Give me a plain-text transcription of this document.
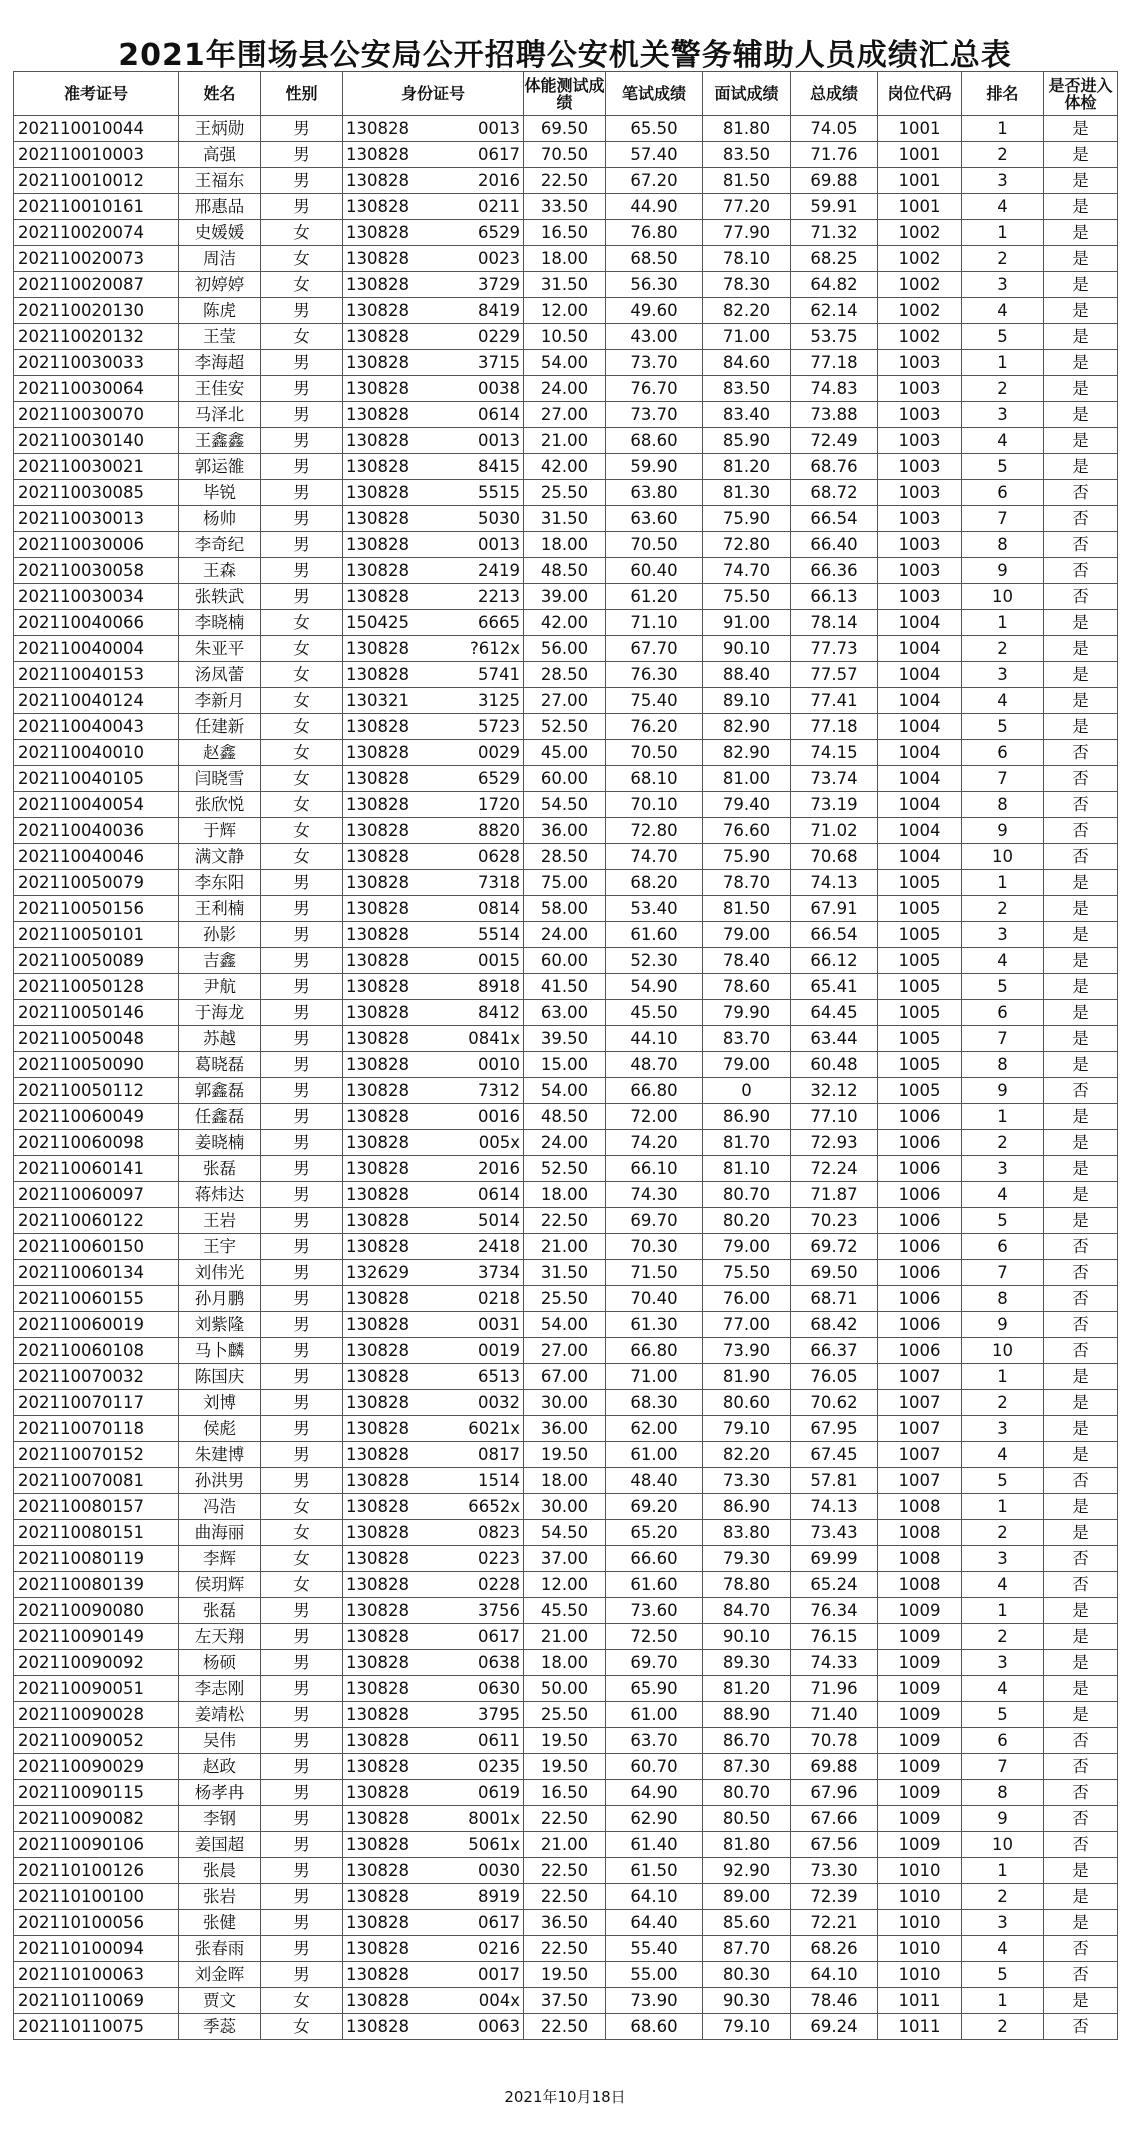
2021年围场县公安局公开招聘公安机关警务辅助人员成绩汇总表
准考证号	姓名	性别	身份证号	体能测试成绩	笔试成绩	面试成绩	总成绩	岗位代码	排名	是否进入体检
202110010044	王炳勋	男	130828 0013	69.50	65.50	81.80	74.05	1001	1	是
202110010003	高强	男	130828 0617	70.50	57.40	83.50	71.76	1001	2	是
202110010012	王福东	男	130828 2016	22.50	67.20	81.50	69.88	1001	3	是
202110010161	邢惠品	男	130828 0211	33.50	44.90	77.20	59.91	1001	4	是
202110020074	史媛媛	女	130828 6529	16.50	76.80	77.90	71.32	1002	1	是
202110020073	周洁	女	130828 0023	18.00	68.50	78.10	68.25	1002	2	是
202110020087	初婷婷	女	130828 3729	31.50	56.30	78.30	64.82	1002	3	是
202110020130	陈虎	男	130828 8419	12.00	49.60	82.20	62.14	1002	4	是
202110020132	王莹	女	130828 0229	10.50	43.00	71.00	53.75	1002	5	是
202110030033	李海超	男	130828 3715	54.00	73.70	84.60	77.18	1003	1	是
202110030064	王佳安	男	130828 0038	24.00	76.70	83.50	74.83	1003	2	是
202110030070	马泽北	男	130828 0614	27.00	73.70	83.40	73.88	1003	3	是
202110030140	王鑫鑫	男	130828 0013	21.00	68.60	85.90	72.49	1003	4	是
202110030021	郭运雒	男	130828 8415	42.00	59.90	81.20	68.76	1003	5	是
202110030085	毕锐	男	130828 5515	25.50	63.80	81.30	68.72	1003	6	否
202110030013	杨帅	男	130828 5030	31.50	63.60	75.90	66.54	1003	7	否
202110030006	李奇纪	男	130828 0013	18.00	70.50	72.80	66.40	1003	8	否
202110030058	王森	男	130828 2419	48.50	60.40	74.70	66.36	1003	9	否
202110030034	张轶武	男	130828 2213	39.00	61.20	75.50	66.13	1003	10	否
202110040066	李晓楠	女	150425 6665	42.00	71.10	91.00	78.14	1004	1	是
202110040004	朱亚平	女	130828 ?612x	56.00	67.70	90.10	77.73	1004	2	是
202110040153	汤凤蕾	女	130828 5741	28.50	76.30	88.40	77.57	1004	3	是
202110040124	李新月	女	130321 3125	27.00	75.40	89.10	77.41	1004	4	是
202110040043	任建新	女	130828 5723	52.50	76.20	82.90	77.18	1004	5	是
202110040010	赵鑫	女	130828 0029	45.00	70.50	82.90	74.15	1004	6	否
202110040105	闫晓雪	女	130828 6529	60.00	68.10	81.00	73.74	1004	7	否
202110040054	张欣悦	女	130828 1720	54.50	70.10	79.40	73.19	1004	8	否
202110040036	于辉	女	130828 8820	36.00	72.80	76.60	71.02	1004	9	否
202110040046	满文静	女	130828 0628	28.50	74.70	75.90	70.68	1004	10	否
202110050079	李东阳	男	130828 7318	75.00	68.20	78.70	74.13	1005	1	是
202110050156	王利楠	男	130828 0814	58.00	53.40	81.50	67.91	1005	2	是
202110050101	孙影	男	130828 5514	24.00	61.60	79.00	66.54	1005	3	是
202110050089	吉鑫	男	130828 0015	60.00	52.30	78.40	66.12	1005	4	是
202110050128	尹航	男	130828 8918	41.50	54.90	78.60	65.41	1005	5	是
202110050146	于海龙	男	130828 8412	63.00	45.50	79.90	64.45	1005	6	是
202110050048	苏越	男	130828 0841x	39.50	44.10	83.70	63.44	1005	7	是
202110050090	葛晓磊	男	130828 0010	15.00	48.70	79.00	60.48	1005	8	是
202110050112	郭鑫磊	男	130828 7312	54.00	66.80	0	32.12	1005	9	否
202110060049	任鑫磊	男	130828 0016	48.50	72.00	86.90	77.10	1006	1	是
202110060098	姜晓楠	男	130828 005x	24.00	74.20	81.70	72.93	1006	2	是
202110060141	张磊	男	130828 2016	52.50	66.10	81.10	72.24	1006	3	是
202110060097	蒋炜达	男	130828 0614	18.00	74.30	80.70	71.87	1006	4	是
202110060122	王岩	男	130828 5014	22.50	69.70	80.20	70.23	1006	5	是
202110060150	王宇	男	130828 2418	21.00	70.30	79.00	69.72	1006	6	否
202110060134	刘伟光	男	132629 3734	31.50	71.50	75.50	69.50	1006	7	否
202110060155	孙月鹏	男	130828 0218	25.50	70.40	76.00	68.71	1006	8	否
202110060019	刘紫隆	男	130828 0031	54.00	61.30	77.00	68.42	1006	9	否
202110060108	马卜麟	男	130828 0019	27.00	66.80	73.90	66.37	1006	10	否
202110070032	陈国庆	男	130828 6513	67.00	71.00	81.90	76.05	1007	1	是
202110070117	刘博	男	130828 0032	30.00	68.30	80.60	70.62	1007	2	是
202110070118	侯彪	男	130828 6021x	36.00	62.00	79.10	67.95	1007	3	是
202110070152	朱建博	男	130828 0817	19.50	61.00	82.20	67.45	1007	4	是
202110070081	孙洪男	男	130828 1514	18.00	48.40	73.30	57.81	1007	5	否
202110080157	冯浩	女	130828 6652x	30.00	69.20	86.90	74.13	1008	1	是
202110080151	曲海丽	女	130828 0823	54.50	65.20	83.80	73.43	1008	2	是
202110080119	李辉	女	130828 0223	37.00	66.60	79.30	69.99	1008	3	否
202110080139	侯玥辉	女	130828 0228	12.00	61.60	78.80	65.24	1008	4	否
202110090080	张磊	男	130828 3756	45.50	73.60	84.70	76.34	1009	1	是
202110090149	左天翔	男	130828 0617	21.00	72.50	90.10	76.15	1009	2	是
202110090092	杨硕	男	130828 0638	18.00	69.70	89.30	74.33	1009	3	是
202110090051	李志刚	男	130828 0630	50.00	65.90	81.20	71.96	1009	4	是
202110090028	姜靖松	男	130828 3795	25.50	61.00	88.90	71.40	1009	5	是
202110090052	吴伟	男	130828 0611	19.50	63.70	86.70	70.78	1009	6	否
202110090029	赵政	男	130828 0235	19.50	60.70	87.30	69.88	1009	7	否
202110090115	杨孝冉	男	130828 0619	16.50	64.90	80.70	67.96	1009	8	否
202110090082	李钢	男	130828 8001x	22.50	62.90	80.50	67.66	1009	9	否
202110090106	姜国超	男	130828 5061x	21.00	61.40	81.80	67.56	1009	10	否
202110100126	张晨	男	130828 0030	22.50	61.50	92.90	73.30	1010	1	是
202110100100	张岩	男	130828 8919	22.50	64.10	89.00	72.39	1010	2	是
202110100056	张健	男	130828 0617	36.50	64.40	85.60	72.21	1010	3	是
202110100094	张春雨	男	130828 0216	22.50	55.40	87.70	68.26	1010	4	否
202110100063	刘金晖	男	130828 0017	19.50	55.00	80.30	64.10	1010	5	否
202110110069	贾文	女	130828 004x	37.50	73.90	90.30	78.46	1011	1	是
202110110075	季蕊	女	130828 0063	22.50	68.60	79.10	69.24	1011	2	否
2021年10月18日
